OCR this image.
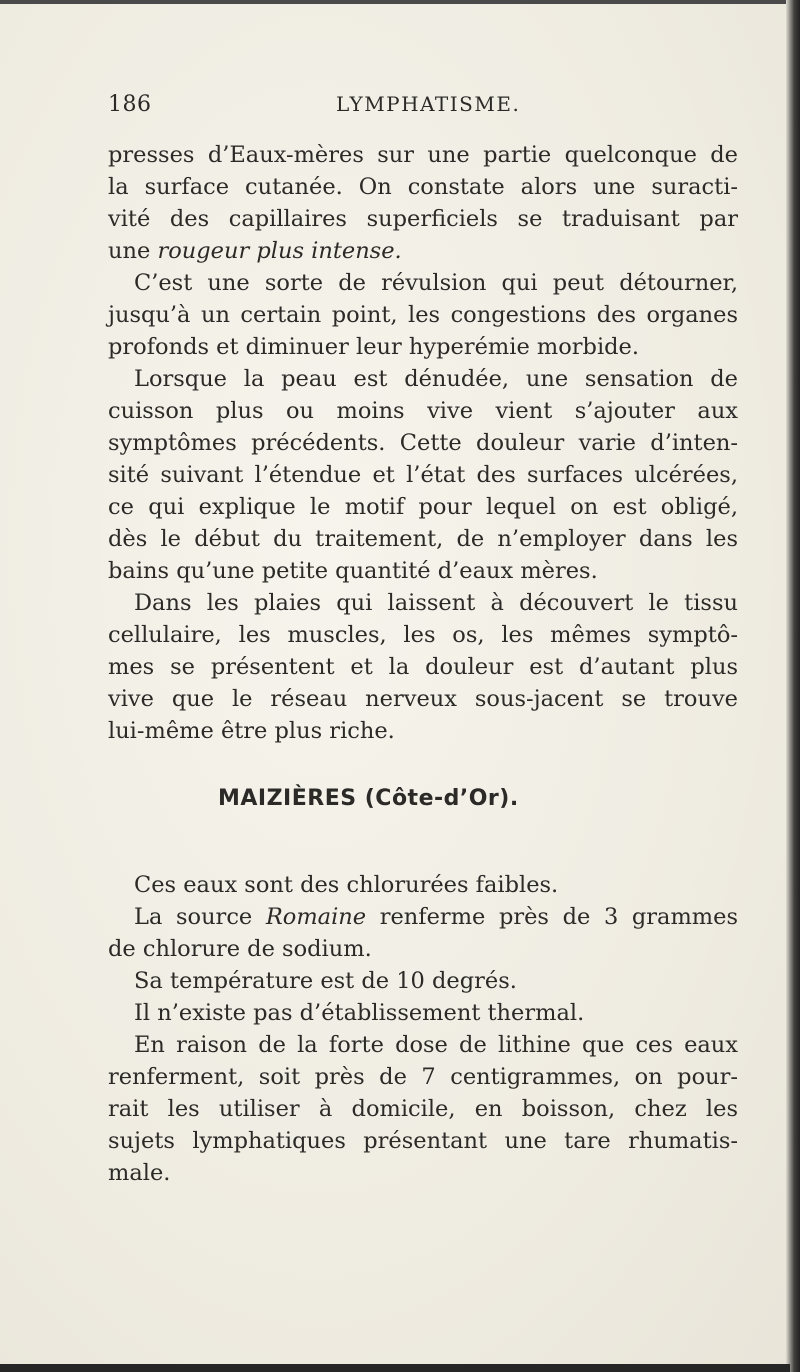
186	LYMPHATISME.
presses d’Eaux-mères sur une partie quelconque de
la surface cutanée. On constate alors une suracti-
vité des capillaires superficiels se traduisant par
une rougeur plus intense.
C’est une sorte de révulsion qui peut détourner,
jusqu’à un certain point, les congestions des organes
profonds et diminuer leur hyperémie morbide.
Lorsque la peau est dénudée, une sensation de
cuisson plus ou moins vive vient s’ajouter aux
symptômes précédents. Cette douleur varie d’inten-
sité suivant l’étendue et l’état des surfaces ulcérées,
ce qui explique le motif pour lequel on est obligé,
dès le début du traitement, de n’employer dans les
bains qu’une petite quantité d’eaux mères.
Dans les plaies qui laissent à découvert le tissu
cellulaire, les muscles, les os, les mêmes symptô-
mes se présentent et la douleur est d’autant plus
vive que le réseau nerveux sous-jacent se trouve
lui-même être plus riche.
MAIZIÈRES (Côte-d’Or).
Ces eaux sont des chlorurées faibles.
La source Romaine renferme près de 3 grammes
de chlorure de sodium.
Sa température est de 10 degrés.
Il n’existe pas d’établissement thermal.
En raison de la forte dose de lithine que ces eaux
renferment, soit près de 7 centigrammes, on pour-
rait les utiliser à domicile, en boisson, chez les
sujets lymphatiques présentant une tare rhumatis-
male.
